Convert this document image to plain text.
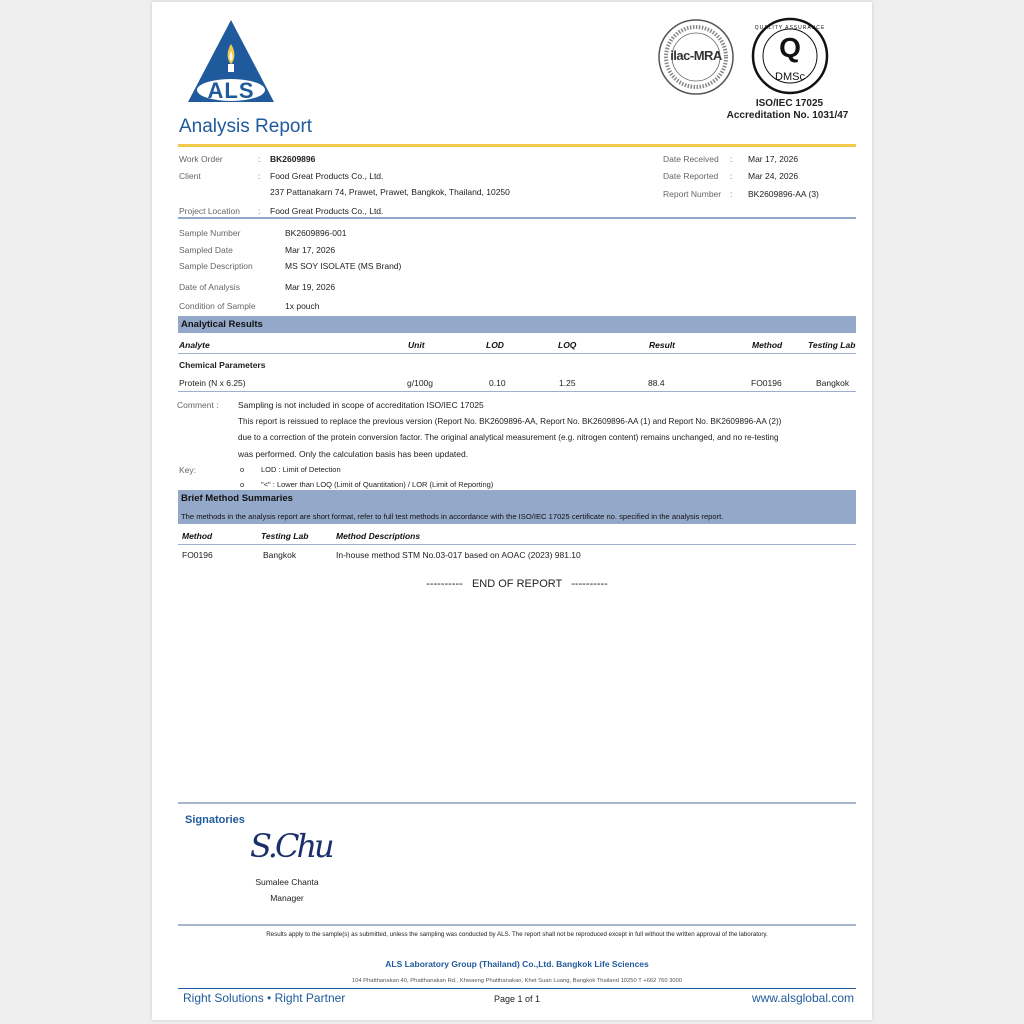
ALS
Analysis Report
ilac-MRA
QUALITY ASSURANCE
Q
DMSc
ISO/IEC 17025
Accreditation No. 1031/47
Work Order	: BK2609896
Client	: Food Great Products Co., Ltd.
237 Pattanakarn 74, Prawet, Prawet, Bangkok, Thailand, 10250
Project Location : Food Great Products Co., Ltd.
Date Received : Mar 17, 2026
Date Reported : Mar 24, 2026
Report Number : BK2609896-AA (3)
Sample Number	BK2609896-001
Sampled Date	Mar 17, 2026
Sample Description	MS SOY ISOLATE (MS Brand)
Date of Analysis	Mar 19, 2026
Condition of Sample	1x pouch
Analytical Results
Analyte	Unit	LOD	LOQ	Result	Method	Testing Lab
Chemical Parameters
Protein (N x 6.25)	g/100g	0.10	1.25	88.4	FO0196	Bangkok
Comment : Sampling is not included in scope of accreditation ISO/IEC 17025
This report is reissued to replace the previous version (Report No. BK2609896-AA, Report No. BK2609896-AA (1) and Report No. BK2609896-AA (2))
due to a correction of the protein conversion factor. The original analytical measurement (e.g. nitrogen content) remains unchanged, and no re-testing
was performed. Only the calculation basis has been updated.
Key:	o LOD : Limit of Detection
o "<" : Lower than LOQ (Limit of Quantitation) / LOR (Limit of Reporting)
Brief Method Summaries
The methods in the analysis report are short format, refer to full test methods in accordance with the ISO/IEC 17025 certificate no. specified in the analysis report.
Method	Testing Lab	Method Descriptions
FO0196	Bangkok	In-house method STM No.03-017 based on AOAC (2023) 981.10
----------   END OF REPORT   ----------
Signatories
S.Chu
Sumalee Chanta
Manager
Results apply to the sample(s) as submitted, unless the sampling was conducted by ALS. The report shall not be reproduced except in full without the written approval of the laboratory.
ALS Laboratory Group (Thailand) Co.,Ltd. Bangkok Life Sciences
104 Phatthanakan 40, Phatthanakan Rd., Khwaeng Phatthanakan, Khet Suan Luang, Bangkok Thailand 10250 T +662 760 3000
Right Solutions • Right Partner	Page 1 of 1	www.alsglobal.com
